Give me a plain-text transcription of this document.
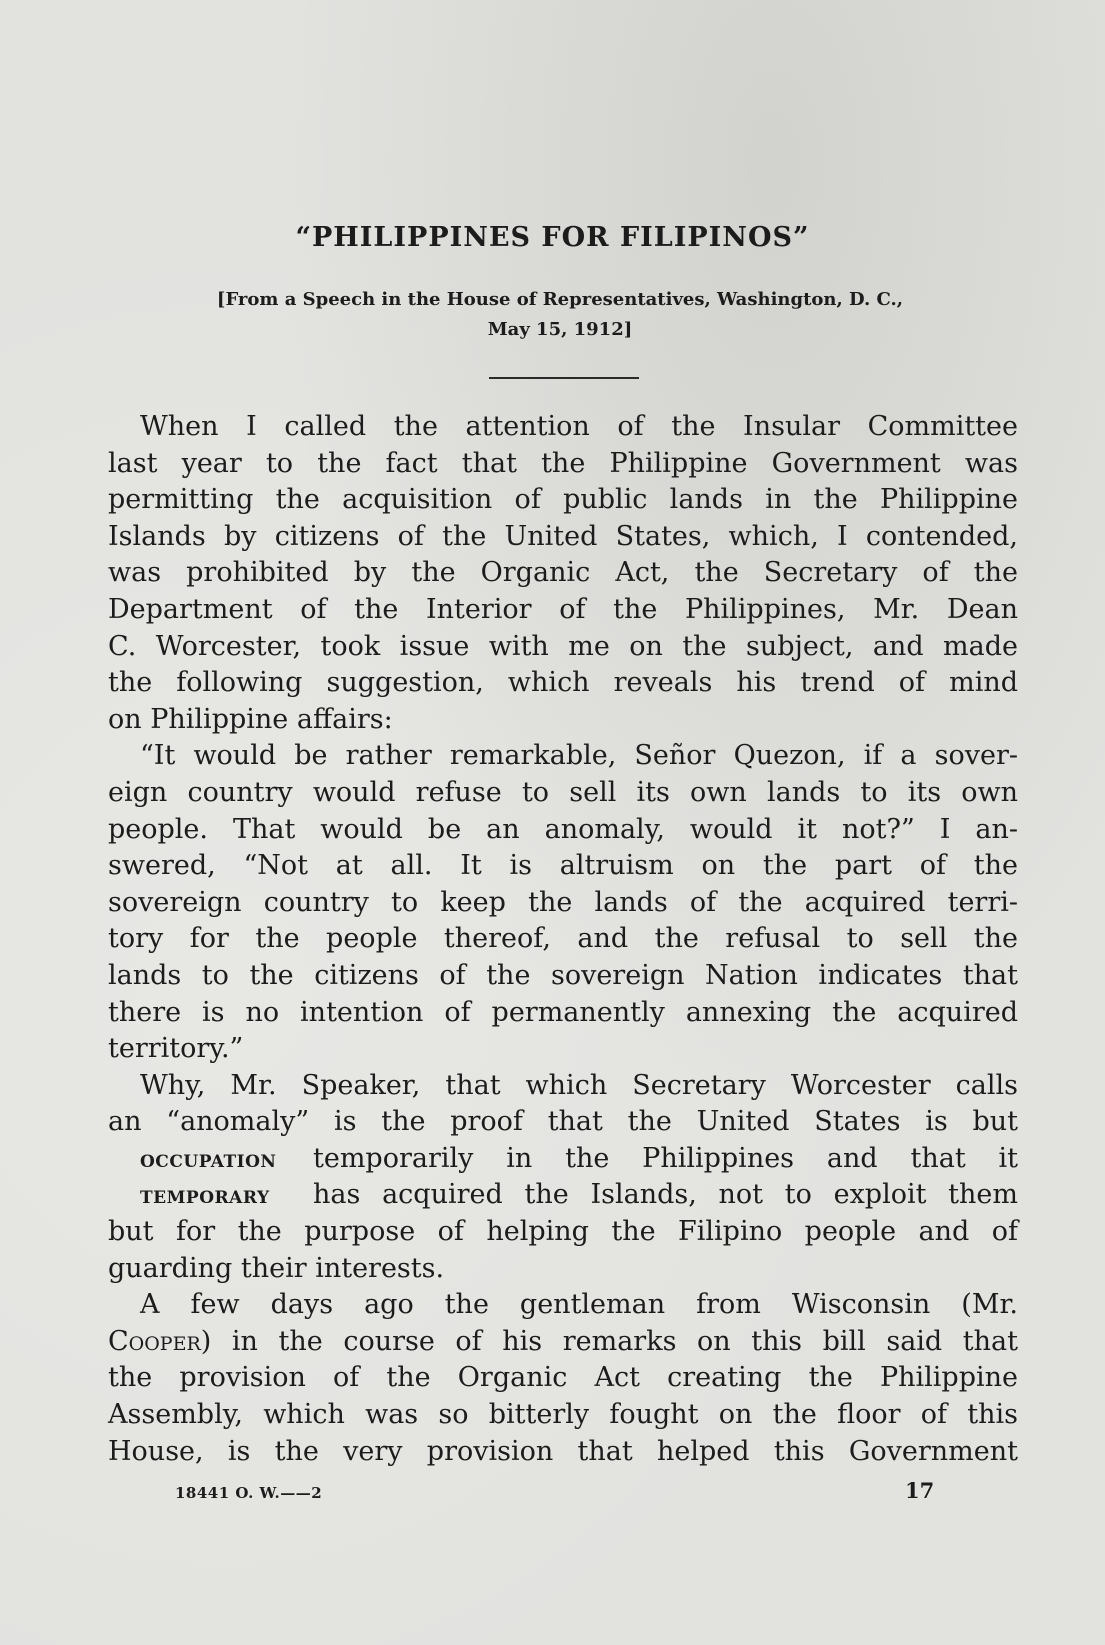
“PHILIPPINES FOR FILIPINOS”
[From a Speech in the House of Representatives, Washington, D. C.,
May 15, 1912]
When I called the attention of the Insular Committee
last year to the fact that the Philippine Government was
permitting the acquisition of public lands in the Philippine
Islands by citizens of the United States, which, I contended,
was prohibited by the Organic Act, the Secretary of the
Department of the Interior of the Philippines, Mr. Dean
C. Worcester, took issue with me on the subject, and made
the following suggestion, which reveals his trend of mind
on Philippine affairs:
“It would be rather remarkable, Señor Quezon, if a sover-
eign country would refuse to sell its own lands to its own
people. That would be an anomaly, would it not?” I an-
swered, “Not at all. It is altruism on the part of the
sovereign country to keep the lands of the acquired terri-
tory for the people thereof, and the refusal to sell the
lands to the citizens of the sovereign Nation indicates that
there is no intention of permanently annexing the acquired
territory.”
Why, Mr. Speaker, that which Secretary Worcester calls
an “anomaly” is the proof that the United States is but
OCCUPATION	temporarily in the Philippines and that it
TEMPORARY	has acquired the Islands, not to exploit them
but for the purpose of helping the Filipino people and of
guarding their interests.
A few days ago the gentleman from Wisconsin (Mr.
Cooper) in the course of his remarks on this bill said that
the provision of the Organic Act creating the Philippine
Assembly, which was so bitterly fought on the floor of this
House, is the very provision that helped this Government
18441 O. W.——2	17
